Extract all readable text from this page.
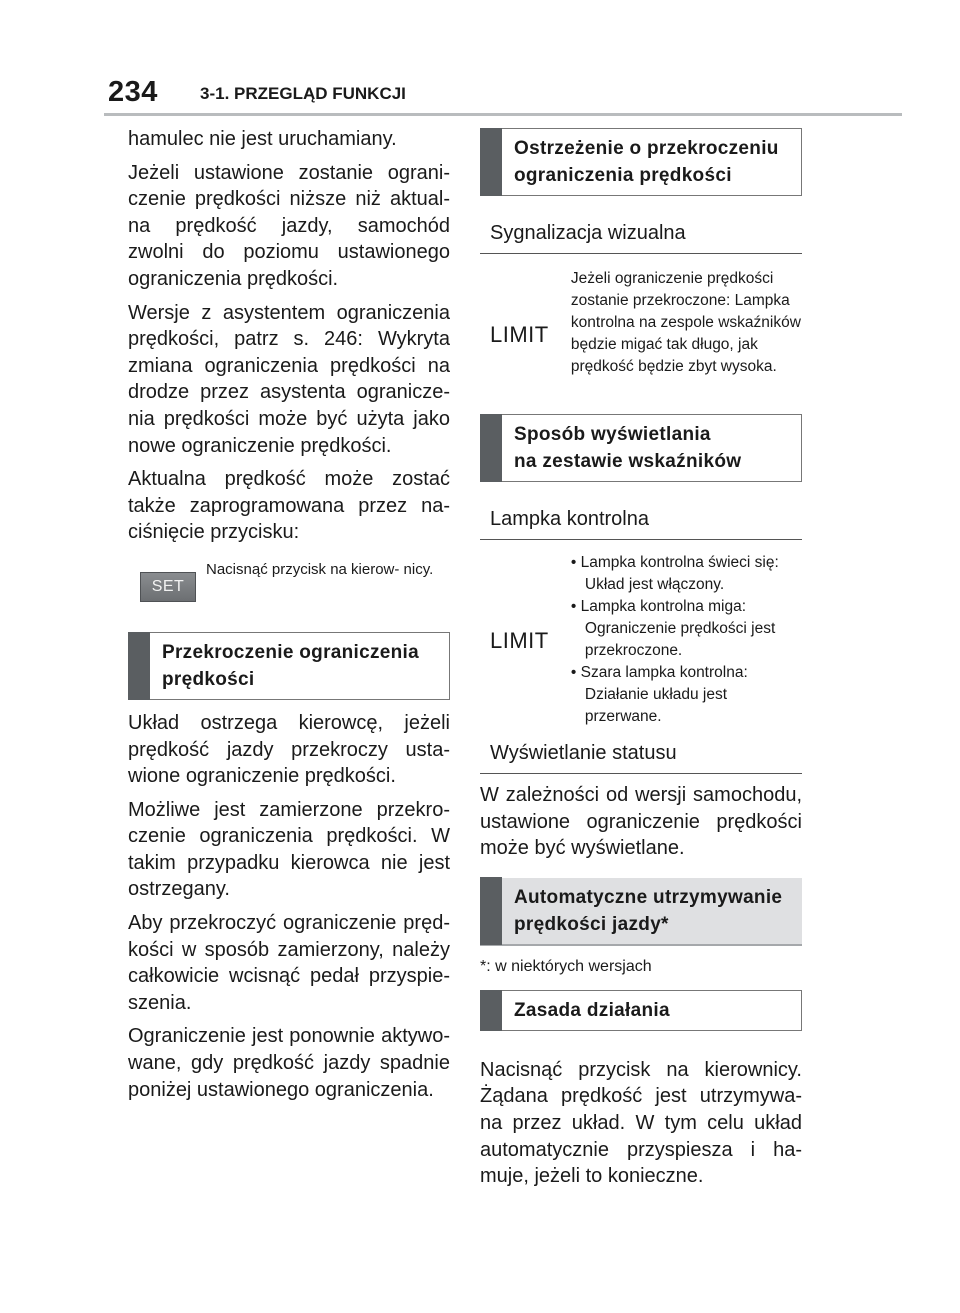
234 3-1. PRZEGLĄD FUNKCJI

hamulec nie jest uruchamiany.

Jeżeli ustawione zostanie ograni- czenie prędkości niższe niż aktual- na prędkość jazdy, samochód zwolni do poziomu ustawionego ograniczenia prędkości.

Wersje z asystentem ograniczenia prędkości, patrz s. 246: Wykryta zmiana ograniczenia prędkości na drodze przez asystenta ogranicze- nia prędkości może być użyta jako nowe ograniczenie prędkości.

Aktualna prędkość może zostać także zaprogramowana przez na- ciśnięcie przycisku:

SET
Nacisnąć przycisk na kierow- nicy.
Przekroczenie ograniczenia
prędkości

Układ ostrzega kierowcę, jeżeli prędkość jazdy przekroczy usta- wione ograniczenie prędkości.

Możliwe jest zamierzone przekro- czenie ograniczenia prędkości. W takim przypadku kierowca nie jest ostrzegany.

Aby przekroczyć ograniczenie pręd- kości w sposób zamierzony, należy całkowicie wcisnąć pedał przyspie- szenia.

Ograniczenie jest ponownie aktywo- wane, gdy prędkość jazdy spadnie poniżej ustawionego ograniczenia.

Ostrzeżenie o przekroczeniu
ograniczenia prędkości
Sygnalizacja wizualna
LIMIT
Jeżeli ograniczenie prędkości zostanie przekroczone: Lampka kontrolna na zespole wskaźników będzie migać tak długo, jak prędkość będzie zbyt wysoka.
Sposób wyświetlania
na zestawie wskaźników
Lampka kontrolna
LIMIT

• Lampka kontrolna świeci się: Układ jest włączony.

• Lampka kontrolna miga: Ograniczenie prędkości jest przekroczone.

• Szara lampka kontrolna: Działanie układu jest przerwane.

Wyświetlanie statusu

W zależności od wersji samochodu, ustawione ograniczenie prędkości może być wyświetlane.

Automatyczne utrzymywanie
prędkości jazdy*

*: w niektórych wersjach

Zasada działania

Nacisnąć przycisk na kierownicy. Żądana prędkość jest utrzymywa- na przez układ. W tym celu układ automatycznie przyspiesza i ha- muje, jeżeli to konieczne.
